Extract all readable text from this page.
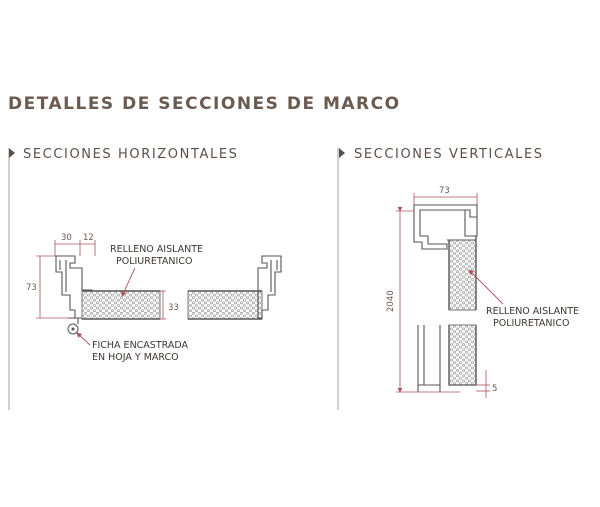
DETALLES DE SECCIONES DE MARCO
SECCIONES HORIZONTALES	SECCIONES VERTICALES
30 12
73
33
RELLENO AISLANTE
POLIURETANICO
FICHA ENCASTRADA
EN HOJA Y MARCO
73
2040
5
RELLENO AISLANTE
POLIURETANICO
